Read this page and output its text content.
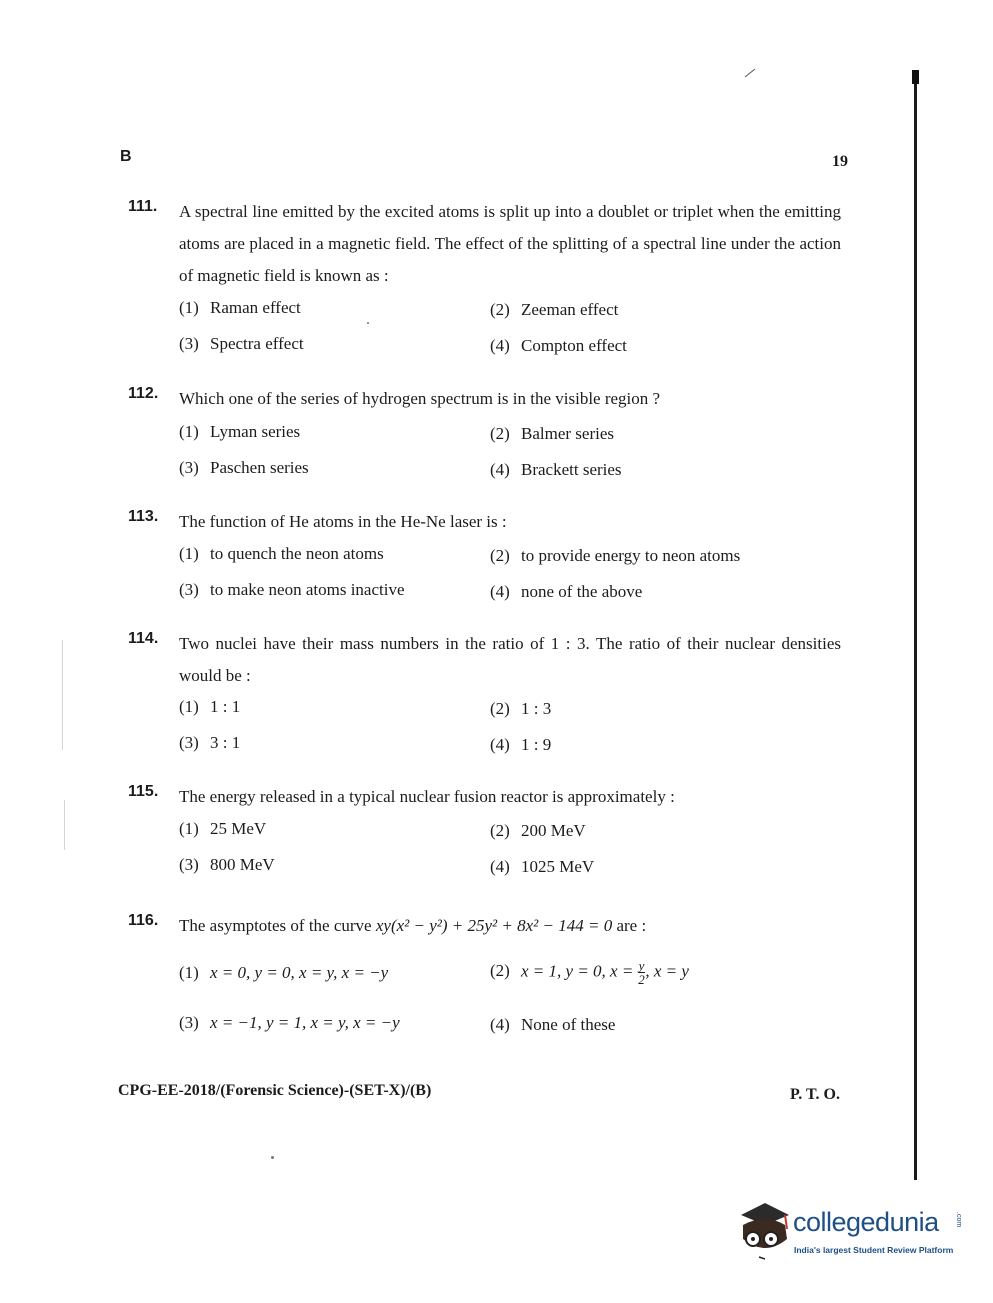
B	19
111. A spectral line emitted by the excited atoms is split up into a doublet or triplet when the emitting atoms are placed in a magnetic field. The effect of the splitting of a spectral line under the action of magnetic field is known as :
(1) Raman effect	(2) Zeeman effect
(3) Spectra effect	(4) Compton effect
112. Which one of the series of hydrogen spectrum is in the visible region ?
(1) Lyman series	(2) Balmer series
(3) Paschen series	(4) Brackett series
113. The function of He atoms in the He-Ne laser is :
(1) to quench the neon atoms	(2) to provide energy to neon atoms
(3) to make neon atoms inactive	(4) none of the above
114. Two nuclei have their mass numbers in the ratio of 1 : 3. The ratio of their nuclear densities would be :
(1) 1 : 1	(2) 1 : 3
(3) 3 : 1	(4) 1 : 9
115. The energy released in a typical nuclear fusion reactor is approximately :
(1) 25 MeV	(2) 200 MeV
(3) 800 MeV	(4) 1025 MeV
116. The asymptotes of the curve xy(x² − y²) + 25y² + 8x² − 144 = 0 are :
(1) x = 0, y = 0, x = y, x = −y	(2) x = 1, y = 0, $x = \frac{y}{2}$ , x = y
(3) x = −1, y = 1, x = y, x = −y	(4) None of these
CPG-EE-2018/(Forensic Science)-(SET-X)/(B)	P. T. O.
collegedunia .com
India's largest Student Review Platform
